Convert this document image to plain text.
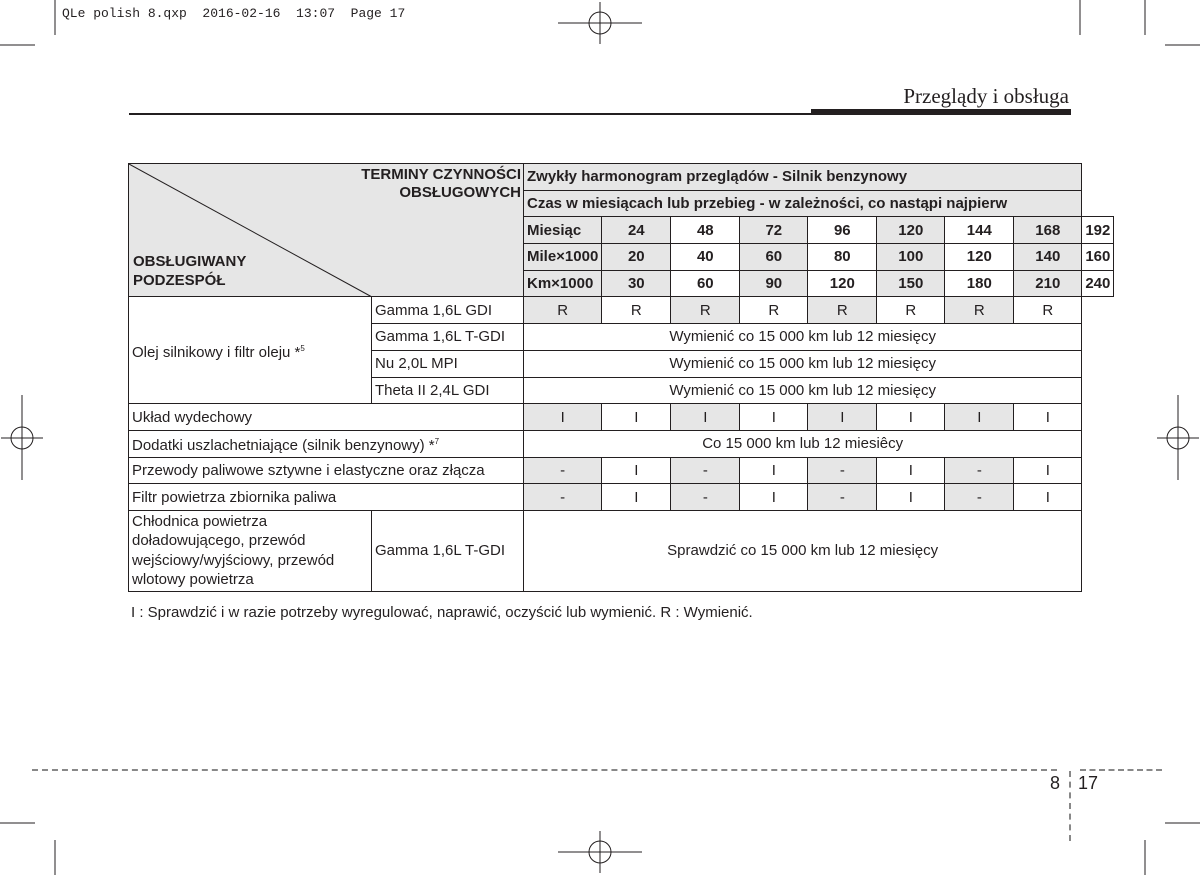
QLe polish 8.qxp  2016-02-16  13:07  Page 17
Przeglądy i obsługa
TERMINY CZYNNOŚCI
OBSŁUGOWYCH
OBSŁUGIWANY
PODZESPÓŁ		Zwykły harmonogram przeglądów - Silnik benzynowy								
		Czas w miesiącach lub przebieg - w zależności, co nastąpi najpierw								
		Miesiąc	24	48	72	96	120	144	168	192
		Mile×1000	20	40	60	80	100	120	140	160
		Km×1000	30	60	90	120	150	180	210	240
Olej silnikowy i filtr oleju *$^5$	Gamma 1,6L GDI	R	R	R	R	R	R	R	R	
	Gamma 1,6L T-GDI	Wymienić co 15 000 km lub 12 miesięcy								
	Nu 2,0L MPI	Wymienić co 15 000 km lub 12 miesięcy								
	Theta II 2,4L GDI	Wymienić co 15 000 km lub 12 miesięcy								
Układ wydechowy		I	I	I	I	I	I	I	I	
Dodatki uszlachetniające (silnik benzynowy) *$^7$		Co 15 000 km lub 12 miesiêcy								
Przewody paliwowe sztywne i elastyczne oraz złącza		-	I	-	I	-	I	-	I	
Filtr powietrza zbiornika paliwa		-	I	-	I	-	I	-	I	

Chłodnica powietrza
doładowującego, przewód
wejściowy/wyjściowy, przewód
wlotowy powietrza	Gamma 1,6L T-GDI	Sprawdzić co 15 000 km lub 12 miesięcy								
I : Sprawdzić i w razie potrzeby wyregulować, naprawić, oczyścić lub wymienić. R : Wymienić.
8 17
